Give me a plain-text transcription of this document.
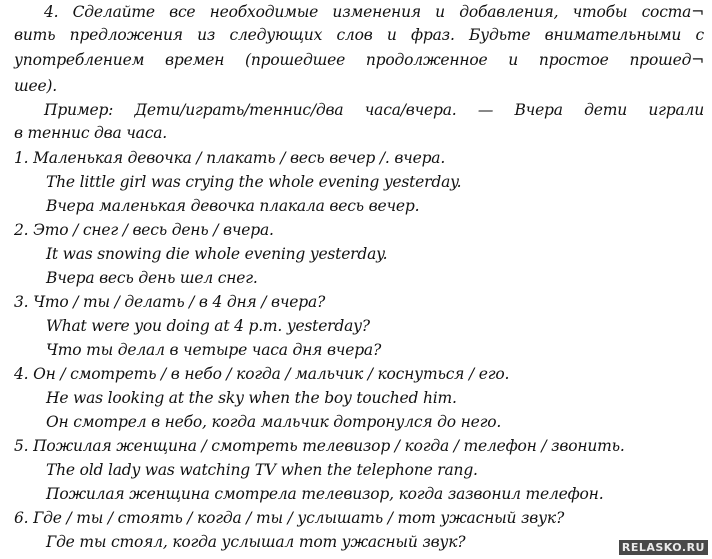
4. Сделайте все необходимые изменения и добавления, чтобы соста¬
вить предложения из следующих слов и фраз. Будьте внимательными с
употреблением времен (прошедшее продолженное и простое прошед¬
шее).
Пример: Дети/играть/теннис/два часа/вчера. — Вчера дети играли
в теннис два часа.
1. Маленькая девочка / плакать / весь вечер /. вчера.
The little girl was crying the whole evening yesterday.
Вчера маленькая девочка плакала весь вечер.
2. Это / снег / весь день / вчера.
It was snowing die whole evening yesterday.
Вчера весь день шел снег.
3. Что / ты / делать / в 4 дня / вчера?
What were you doing at 4 p.m. yesterday?
Что ты делал в четыре часа дня вчера?
4. Он / смотреть / в небо / когда / мальчик / коснуться / его.
He was looking at the sky when the boy touched him.
Он смотрел в небо, когда мальчик дотронулся до него.
5. Пожилая женщина / смотреть телевизор / когда / телефон / звонить.
The old lady was watching TV when the telephone rang.
Пожилая женщина смотрела телевизор, когда зазвонил телефон.
6. Где / ты / стоять / когда / ты / услышать / тот ужасный звук?
Где ты стоял, когда услышал тот ужасный звук?	RELASKO.RU
